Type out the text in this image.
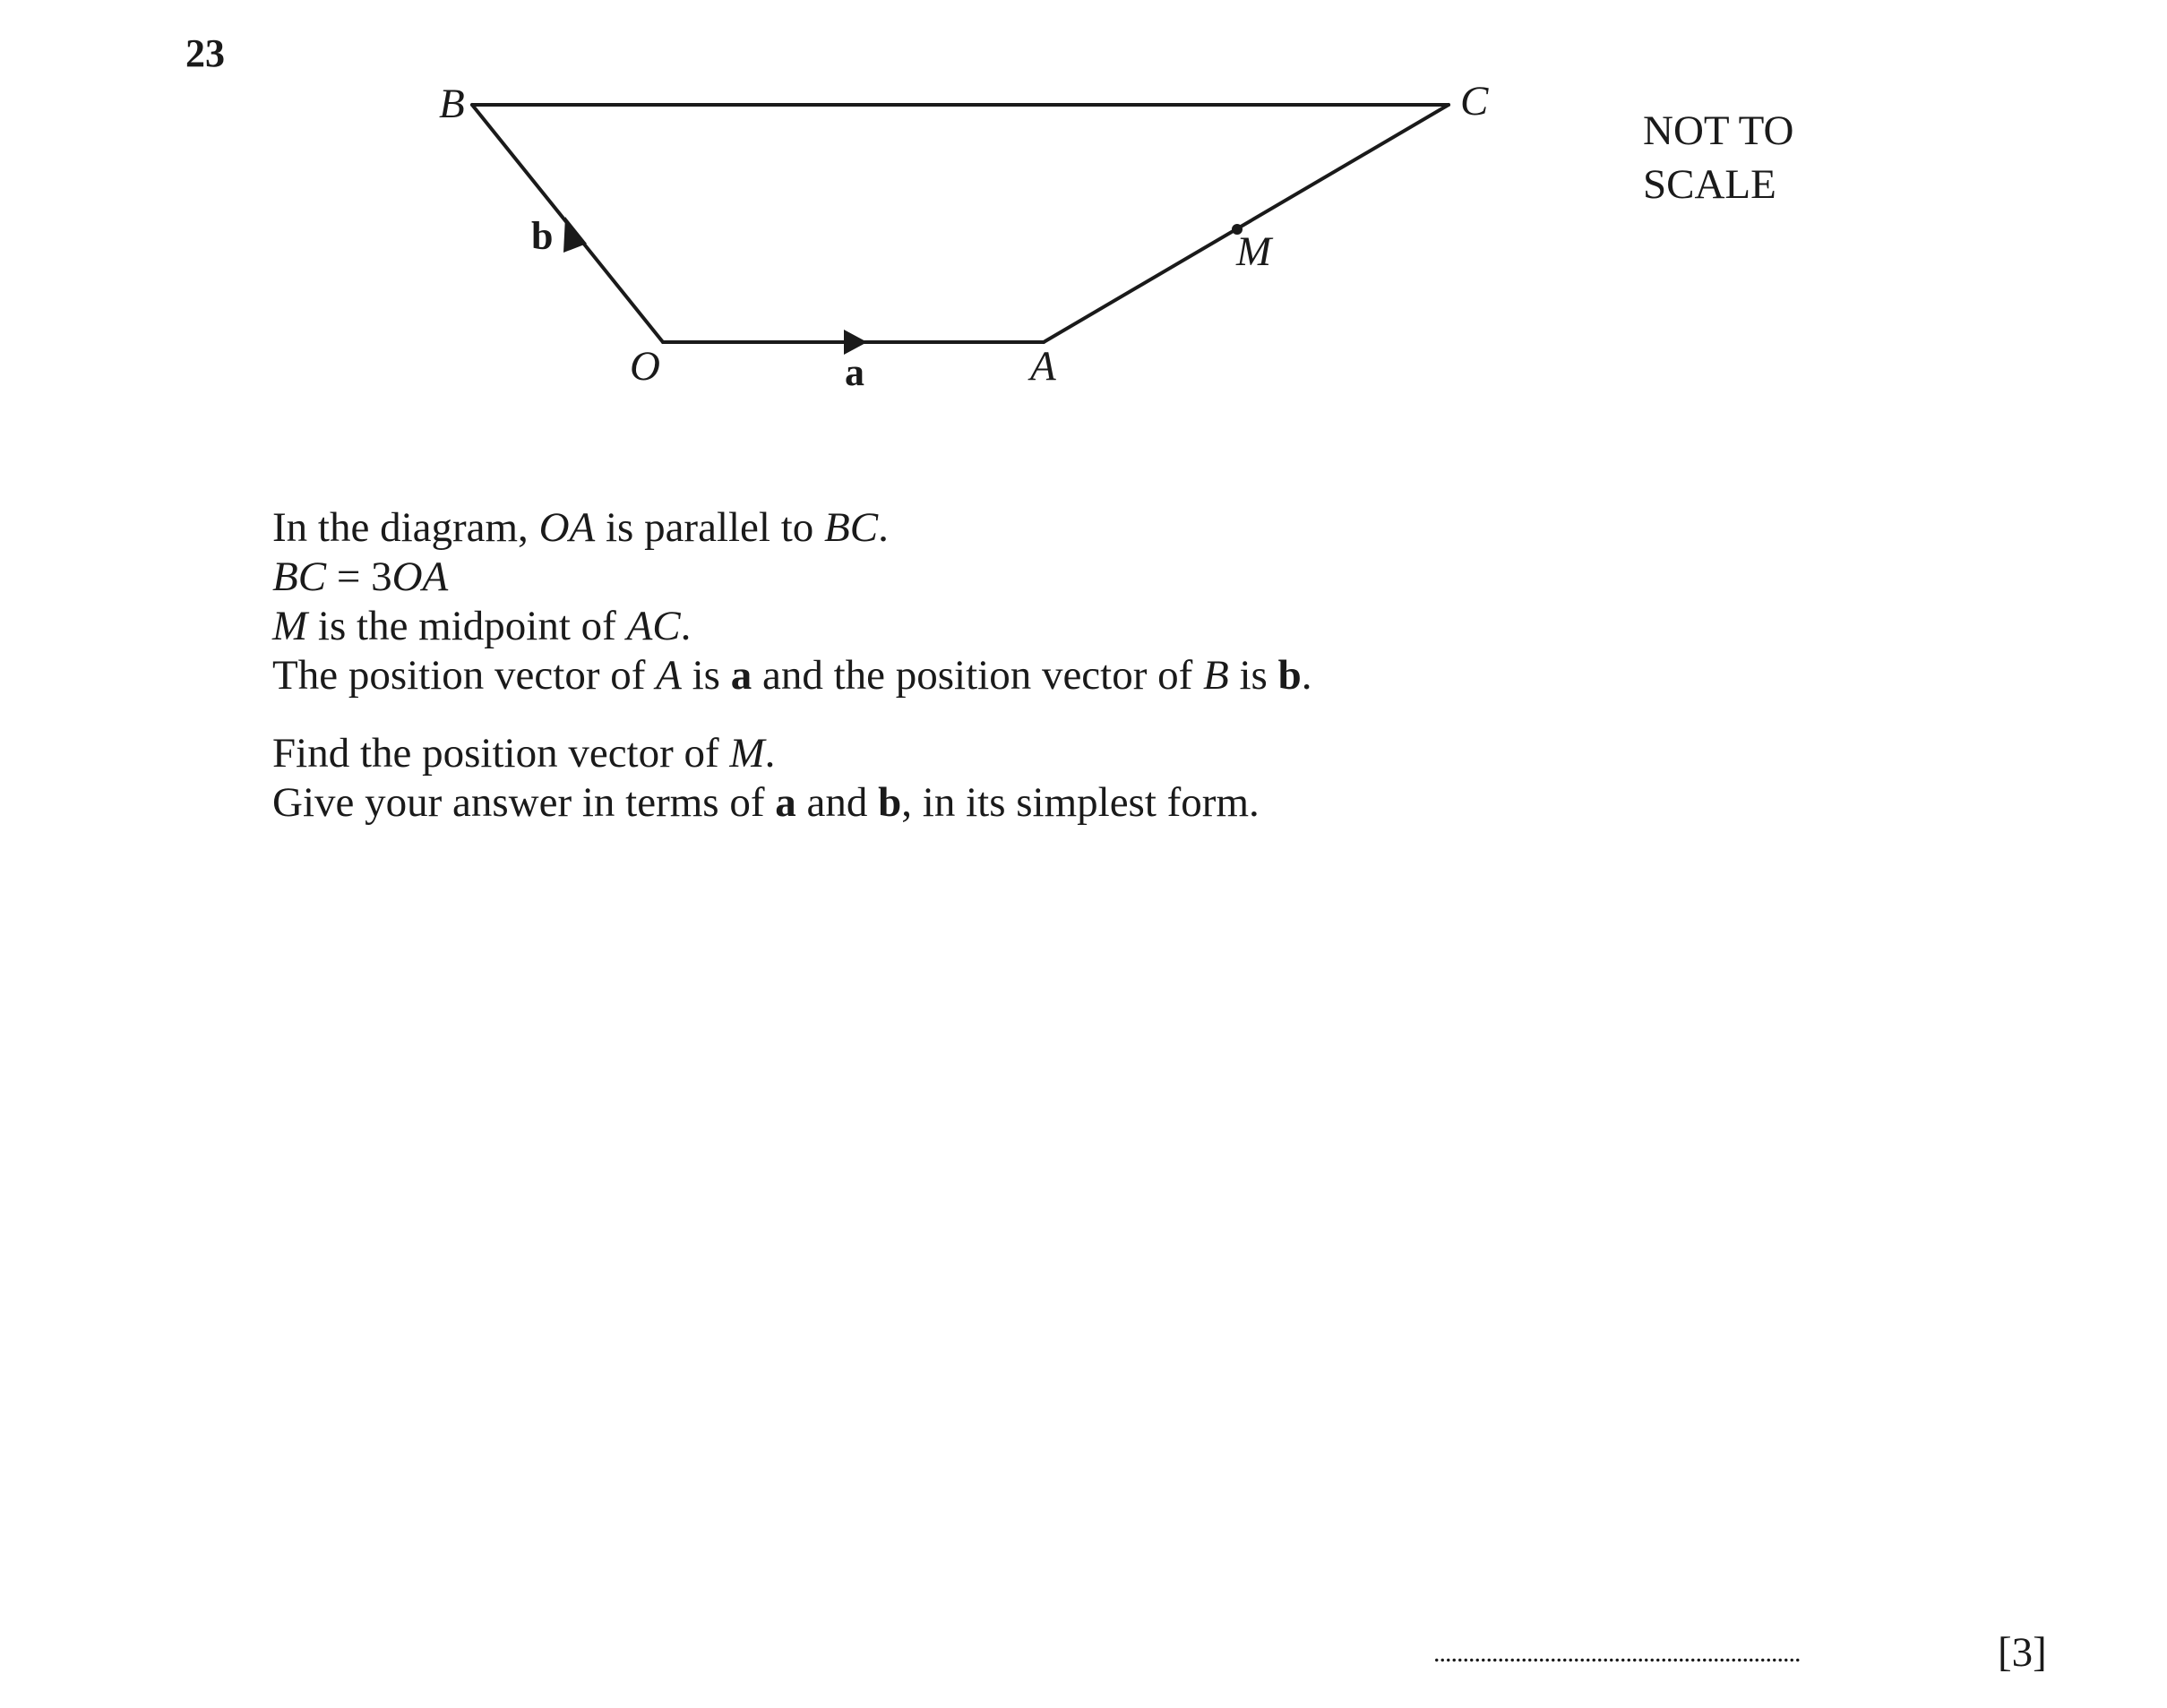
23
B	C
O	A
M
a
b
NOT TO
SCALE
In the diagram, OA is parallel to BC.
BC = 3OA
M is the midpoint of AC.
The position vector of A is a and the position vector of B is b.
Find the position vector of M.
Give your answer in terms of a and b, in its simplest form.
...............................................................	[3]
